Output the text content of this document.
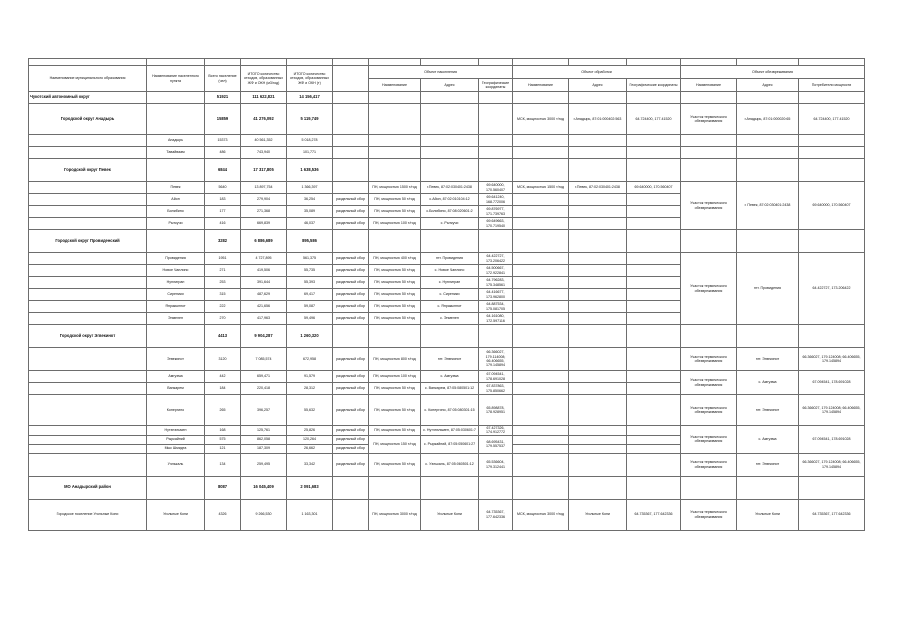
Наименование муниципального образования	Наименование населенного пункта	Всего население (чел)	ИТОГО количество отходов, образованных ЖФ и ОКН (м3/год)	ИТОГО количество отходов, образованных ЖФ и ОКН (т)		Объект накопления			Объект обработки			Объект обезвреживания		
						Наименование	Адрес	Географические координаты	Наименование	Адрес	Географические координаты	Наименование	Адрес	Потребители мощности
Чукотский автономный округ		51921	111 622,821	14 156,417										
Городской округ Анадырь		15859	41 276,092	5 119,749					МСК, мощностью 3000 т/год	г.Анадырь, 87:01:000402:563	64.724400, 177.41520	Участок термического обезвреживания	г.Анадырь, 87:01:000020:65	64.724400, 177.41520
	Анадырь	15373	40 561,352	5 018,278										
	Тавайваам	486	743,940	101,771										
Городской округ Певек		6844	17 317,805	1 638,536										
	Певек	5640	13 897,754	1 366,397		ПН, мощностью 1500 т/год	г.Певек, 87:02:030401:2438	69.640000, 170.560407	МСК, мощностью 1500 т/год	г.Певек, 87:02:030401:2438	69.640000, 170.560407	Участок термического обезвреживания	г. Певек, 87:02:030401:2438	69.640000, 170.560407
	Айон	183	279,904	36,254	раздельный сбор	ПН, мощностью 50 т/год	с.Айон, 87:02:010104:12	69.641240, 168.772006						
	Билибино	177	271,368	35,089	раздельный сбор	ПН, мощностью 50 т/год	с.Билибино, 87:08:020601:2	69.876977, 171.739763						
	Рыткучи	416	669,839	46,037	раздельный сбор	ПН, мощностью 100 т/год	с. Рыткучи	69.649663, 170.719540						
Городской округ Провиденский		3282	6 886,689	895,586										
	Провидения	1951	4 727,895	561,375	раздельный сбор	ПН, мощностью 400 т/год	пгт. Провидения	64.422727, 173.206422				Участок термического обезвреживания	пгт. Провидения	64.422727, 173.206422
	Новое Чаплино	271	419,506	55,735	раздельный сбор	ПН, мощностью 50 т/год	с. Новое Чаплино	64.500667, 172.922841						
	Нунлигран	253	391,644	55,393	раздельный сбор	ПН, мощностью 50 т/год	с. Нунлигран	64.796283, 175.348561						
	Сиреники	315	487,629	69,417	раздельный сбор	ПН, мощностью 50 т/год	с. Сиреники	64.416677, 173.962800						
	Янракыннот	222	421,656	59,087	раздельный сбор	ПН, мощностью 50 т/год	с. Янракыннот	64.887534, 175.081705						
	Энмелен	270	417,963	59,496	раздельный сбор	ПН, мощностью 50 т/год	с. Энмелен	64.161080, 172.597116						
Городской округ Эгвекинот		4413	9 904,287	1 260,320										
	Эгвекинот	3120	7 085,574	672,958	раздельный сбор	ПН, мощностью 800 т/год	пгт. Эгвекинот	66.366027, 179.114008; 66.406655, 179.145894				Участок термического обезвреживания	пгт. Эгвекинот	66.366027, 179.124008; 66.406655, 179.145894
	Амгуэма	442	659,471	91,579	раздельный сбор	ПН, мощностью 100 т/год	с. Амгуэма	67.094541, 178.691028				Участок термического обезвреживания	с. Амгуэма	67.094541, 178.691028
	Ванкарем	184	220,418	28,312	раздельный сбор	ПН, мощностью 50 т/год	с. Ванкарем, 87:05:080501:12	67.837863, 175.850662						
	Конергино	265	396,257	55,632	раздельный сбор	ПН, мощностью 50 т/год	с. Конергино, 87:05:080301:15	65.898878, 178.928951				Участок термического обезвреживания	пгт. Эгвекинот	66.366027, 179.124008; 66.406655, 179.145894
	Нутэпэльмен	168	125,761	25,826	раздельный сбор	ПН, мощностью 50 т/год	с. Нутэпэльмен, 87:05:030601:7	67.427326, 174.912772				Участок термического обезвреживания	с. Амгуэма	67.094541, 178.691028
	Рыркайпий	575	862,058	120,264	раздельный сбор	ПН, мощностью 150 т/год	с. Рыркайпий, 87:05:050601:27	68.695431, 179.557537						
	Мыс Шмидта	121	187,309	26,662	раздельный сбор									
	Уэлькаль	134	259,495	33,342	раздельный сбор	ПН, мощностью 50 т/год	с. Уэлькаль, 87:05:060501:12	65.536604, 179.312441				Участок термического обезвреживания	пгт. Эгвекинот	66.366027, 179.124008; 66.406655, 179.145894
МО Анадырский район		8087	16 045,409	2 091,683										
Городское поселение Угольные Копи	Угольные Копи	4326	9 266,530	1 163,301		ПН, мощностью 3000 т/год	Угольные Копи	64.735367, 177.642336	МСК, мощностью 3000 т/год	Угольные Копи	64.735367, 177.642336	Участок термического обезвреживания	Угольные Копи	64.735367, 177.642336
